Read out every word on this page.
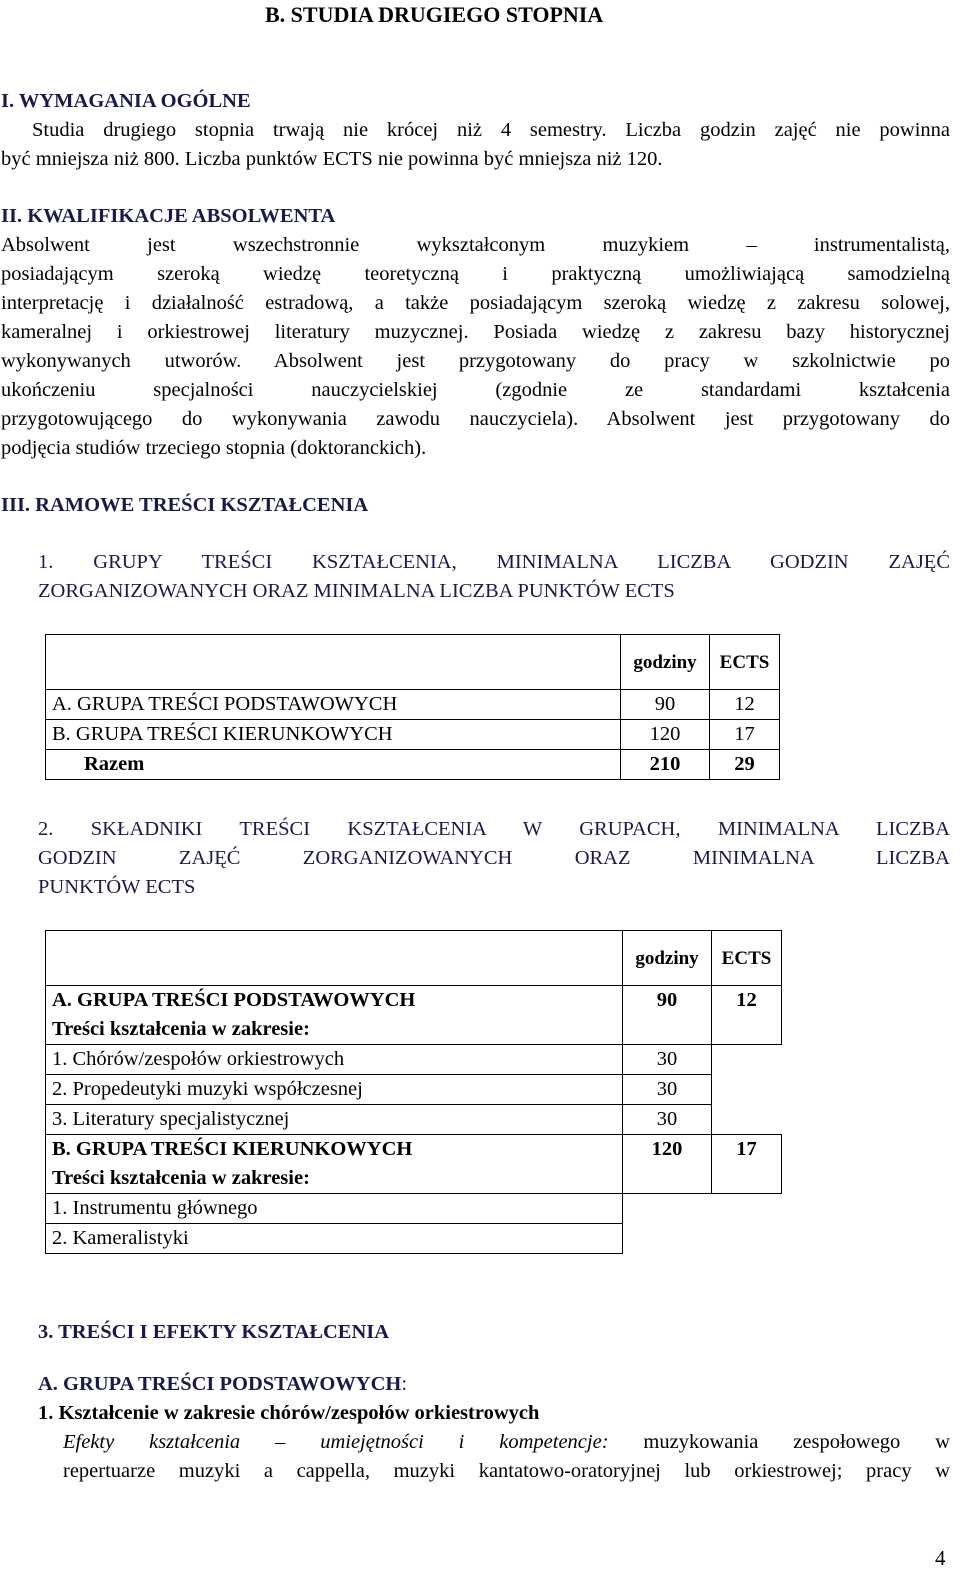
B. STUDIA DRUGIEGO STOPNIA
I. WYMAGANIA OGÓLNE
Studia drugiego stopnia trwają nie krócej niż 4 semestry. Liczba godzin zajęć nie powinna
być mniejsza niż 800. Liczba punktów ECTS nie powinna być mniejsza niż 120.
II. KWALIFIKACJE ABSOLWENTA
Absolwent jest wszechstronnie wykształconym muzykiem – instrumentalistą,
posiadającym szeroką wiedzę teoretyczną i praktyczną umożliwiającą samodzielną
interpretację i działalność estradową, a także posiadającym szeroką wiedzę z zakresu solowej,
kameralnej i orkiestrowej literatury muzycznej. Posiada wiedzę z zakresu bazy historycznej
wykonywanych utworów. Absolwent jest przygotowany do pracy w szkolnictwie po
ukończeniu specjalności nauczycielskiej (zgodnie ze standardami kształcenia
przygotowującego do wykonywania zawodu nauczyciela). Absolwent jest przygotowany do
podjęcia studiów trzeciego stopnia (doktoranckich).
III. RAMOWE TREŚCI KSZTAŁCENIA
1. GRUPY TREŚCI KSZTAŁCENIA, MINIMALNA LICZBA GODZIN ZAJĘĆ
ZORGANIZOWANYCH ORAZ MINIMALNA LICZBA PUNKTÓW ECTS
	godziny	ECTS
A. GRUPA TREŚCI PODSTAWOWYCH	90	12
B. GRUPA TREŚCI KIERUNKOWYCH	120	17
Razem	210	29
2. SKŁADNIKI TREŚCI KSZTAŁCENIA W GRUPACH, MINIMALNA LICZBA
GODZIN ZAJĘĆ ZORGANIZOWANYCH ORAZ MINIMALNA LICZBA
PUNKTÓW ECTS
	godziny	ECTS

A. GRUPA TREŚCI PODSTAWOWYCH
Treści kształcenia w zakresie:	90	12
1. Chórów/zespołów orkiestrowych	30	
2. Propedeutyki muzyki współczesnej	30	
3. Literatury specjalistycznej	30	

B. GRUPA TREŚCI KIERUNKOWYCH
Treści kształcenia w zakresie:	120	17
1. Instrumentu głównego		
2. Kameralistyki		
3. TREŚCI I EFEKTY KSZTAŁCENIA
A. GRUPA TREŚCI PODSTAWOWYCH:
1. Kształcenie w zakresie chórów/zespołów orkiestrowych
Efekty kształcenia – umiejętności i kompetencje: muzykowania zespołowego w
repertuarze muzyki a cappella, muzyki kantatowo-oratoryjnej lub orkiestrowej; pracy w
4
